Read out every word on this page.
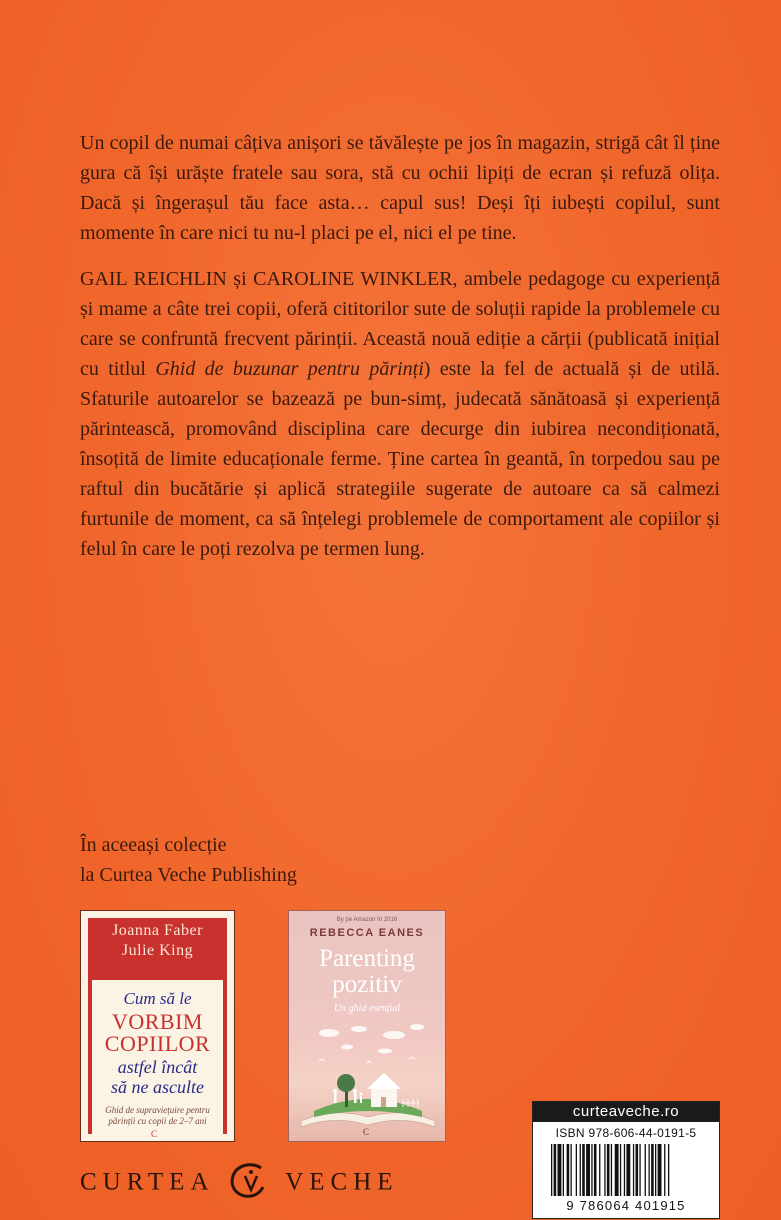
Un copil de numai câțiva anișori se tăvălește pe jos în magazin, strigă cât îl ține gura că își urăște fratele sau sora, stă cu ochii lipiți de ecran și refuză olița. Dacă și îngerașul tău face asta… capul sus! Deși îți iubești copilul, sunt momente în care nici tu nu-l placi pe el, nici el pe tine.

GAIL REICHLIN și CAROLINE WINKLER, ambele pedagoge cu experiență și mame a câte trei copii, oferă cititorilor sute de soluții rapide la problemele cu care se confruntă frecvent părinții. Această nouă ediție a cărții (publicată inițial cu titlul Ghid de buzunar pentru părinți) este la fel de actuală și de utilă. Sfaturile autoarelor se bazează pe bun-simț, judecată sănătoasă și experiență părintească, promovând disciplina care decurge din iubirea necondiționată, însoțită de limite educaționale ferme. Ține cartea în geantă, în torpedou sau pe raftul din bucătărie și aplică strategiile sugerate de autoare ca să calmezi furtunile de moment, ca să înțelegi problemele de comportament ale copiilor și felul în care le poți rezolva pe termen lung.

În aceeași colecție
la Curtea Veche Publishing
Joanna Faber
Julie King
Cum să le
VORBIM
COPIILOR
astfel încât
să ne asculte
Ghid de supraviețuire pentru părinții cu copii de 2–7 ani
C
By pe Amazon în 2016
REBECCA EANES
Parenting
pozitiv
Un ghid esențial
C
curteaveche.ro
ISBN 978-606-44-0191-5
9 786064 401915
CURTEA	VECHE
